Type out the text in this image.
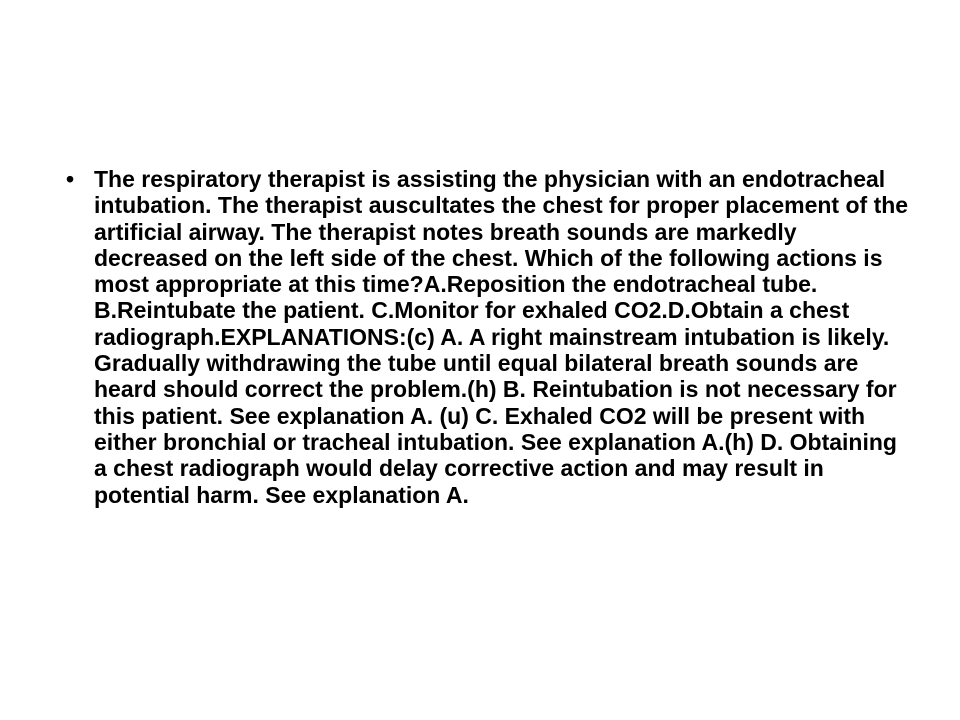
• The respiratory therapist is assisting the physician with an endotracheal intubation. The therapist auscultates the chest for proper placement of the artificial airway. The therapist notes breath sounds are markedly decreased on the left side of the chest. Which of the following actions is most appropriate at this time?A.Reposition the endotracheal tube. B.Reintubate the patient. C.Monitor for exhaled CO2.D.Obtain a chest radiograph.EXPLANATIONS:(c) A. A right mainstream intubation is likely. Gradually withdrawing the tube until equal bilateral breath sounds are heard should correct the problem.(h) B. Reintubation is not necessary for this patient. See explanation A. (u) C. Exhaled CO2 will be present with either bronchial or tracheal intubation. See explanation A.(h) D. Obtaining a chest radiograph would delay corrective action and may result in potential harm. See explanation A.
